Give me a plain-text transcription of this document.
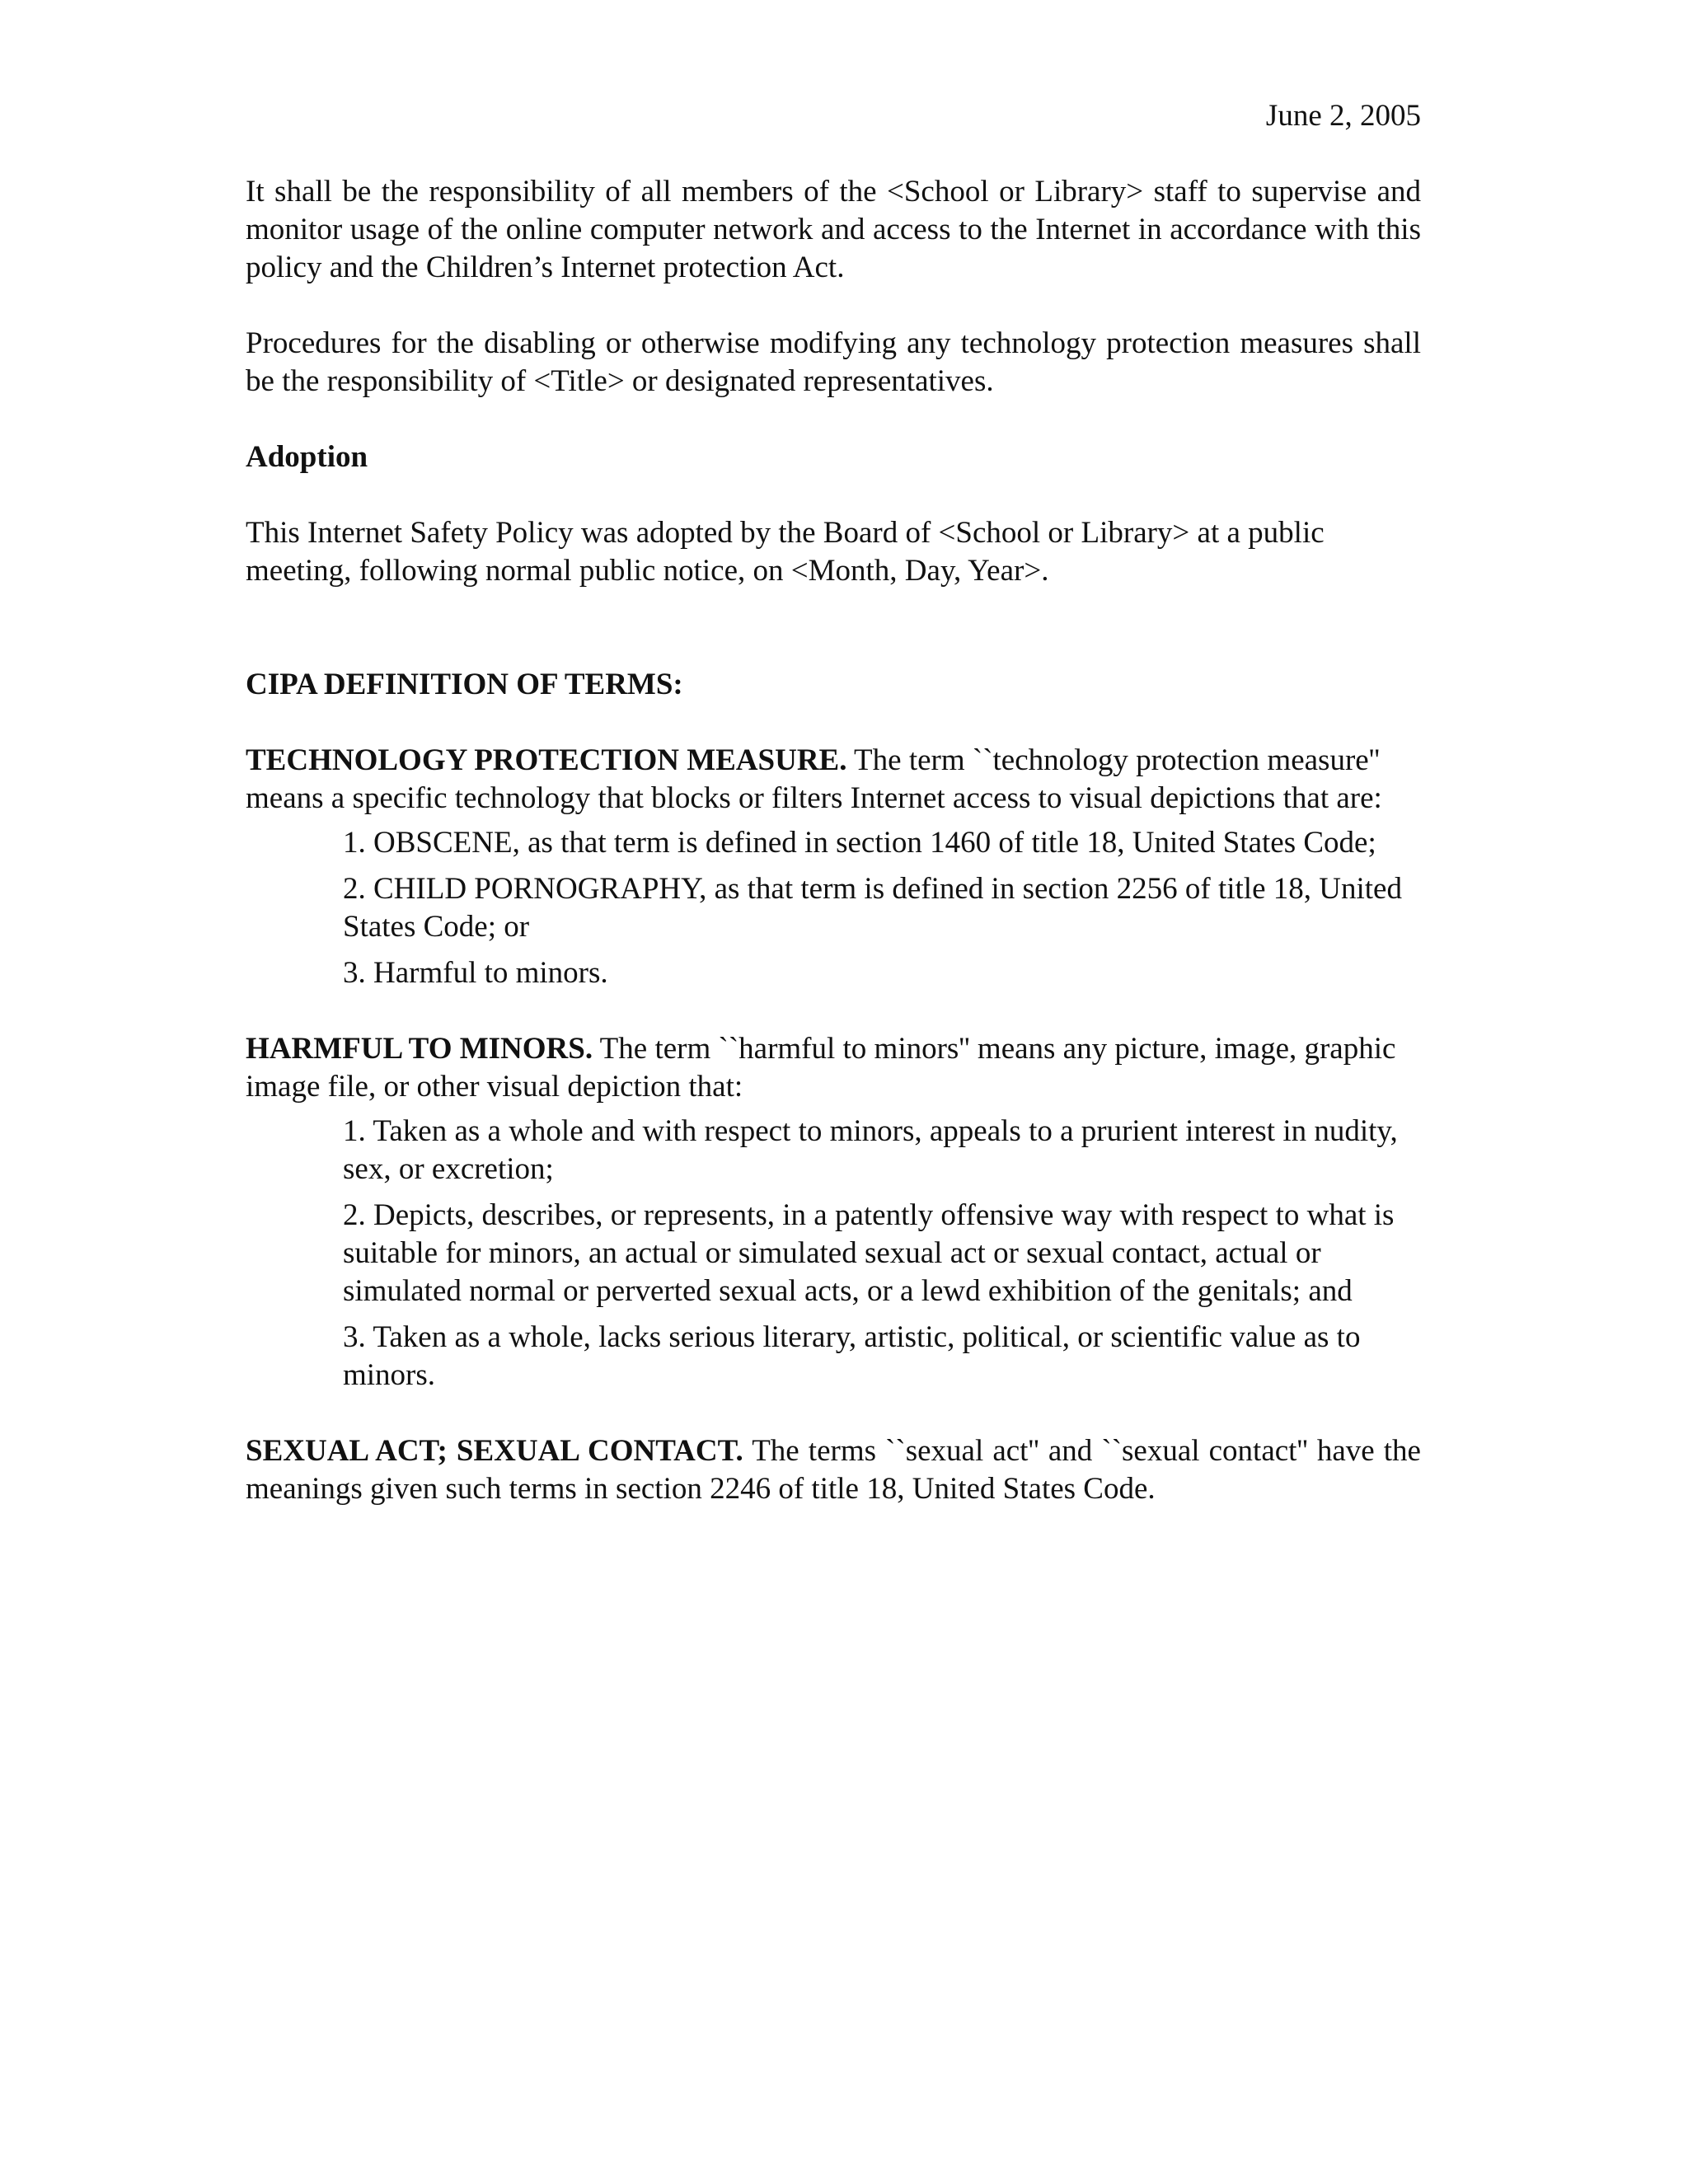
June 2, 2005

It shall be the responsibility of all members of the <School or Library> staff to supervise and monitor usage of the online computer network and access to the Internet in accordance with this policy and the Children’s Internet protection Act.

Procedures for the disabling or otherwise modifying any technology protection measures shall be the responsibility of <Title> or designated representatives.

Adoption

This Internet Safety Policy was adopted by the Board of <School or Library> at a public meeting, following normal public notice, on <Month, Day, Year>.

CIPA DEFINITION OF TERMS:

TECHNOLOGY PROTECTION MEASURE. The term ``technology protection measure'' means a specific technology that blocks or filters Internet access to visual depictions that are:

1. OBSCENE, as that term is defined in section 1460 of title 18, United States Code;
2. CHILD PORNOGRAPHY, as that term is defined in section 2256 of title 18, United States Code; or
3. Harmful to minors.

HARMFUL TO MINORS. The term ``harmful to minors'' means any picture, image, graphic image file, or other visual depiction that:

1. Taken as a whole and with respect to minors, appeals to a prurient interest in nudity, sex, or excretion;
2. Depicts, describes, or represents, in a patently offensive way with respect to what is suitable for minors, an actual or simulated sexual act or sexual contact, actual or simulated normal or perverted sexual acts, or a lewd exhibition of the genitals; and
3. Taken as a whole, lacks serious literary, artistic, political, or scientific value as to minors.

SEXUAL ACT; SEXUAL CONTACT. The terms ``sexual act'' and ``sexual contact'' have the meanings given such terms in section 2246 of title 18, United States Code.
